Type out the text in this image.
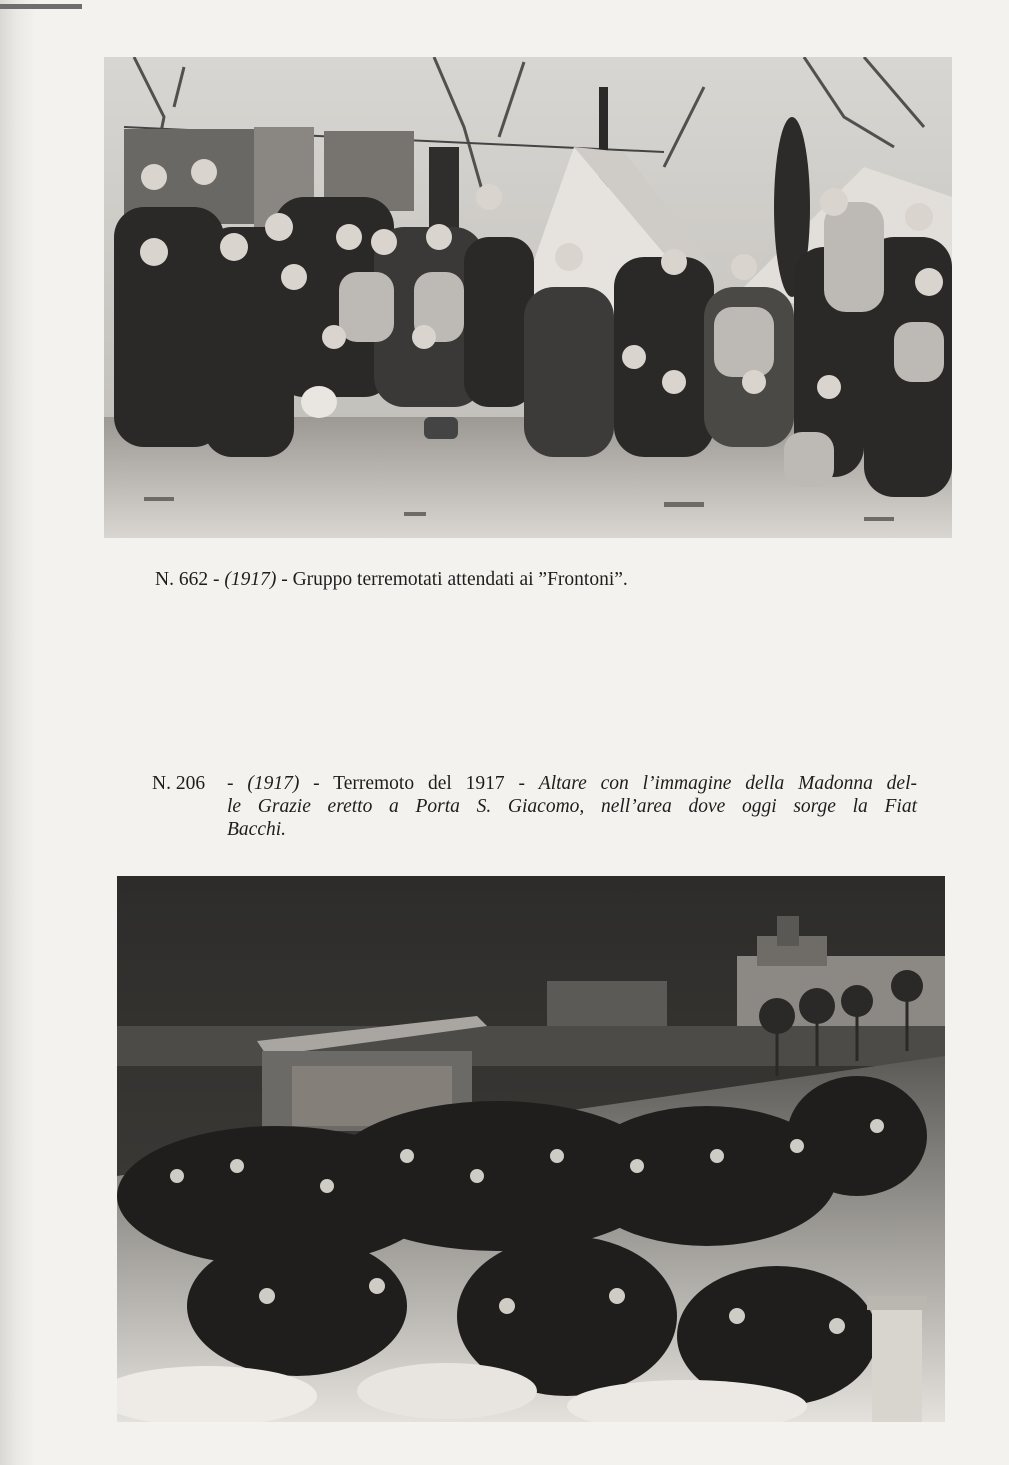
N. 662 - (1917) - Gruppo terremotati attendati ai ”Frontoni”.
N. 206 - (1917) - Terremoto del 1917 - Altare con l’immagine della Madonna del-
le Grazie eretto a Porta S. Giacomo, nell’area dove oggi sorge la Fiat
Bacchi.
